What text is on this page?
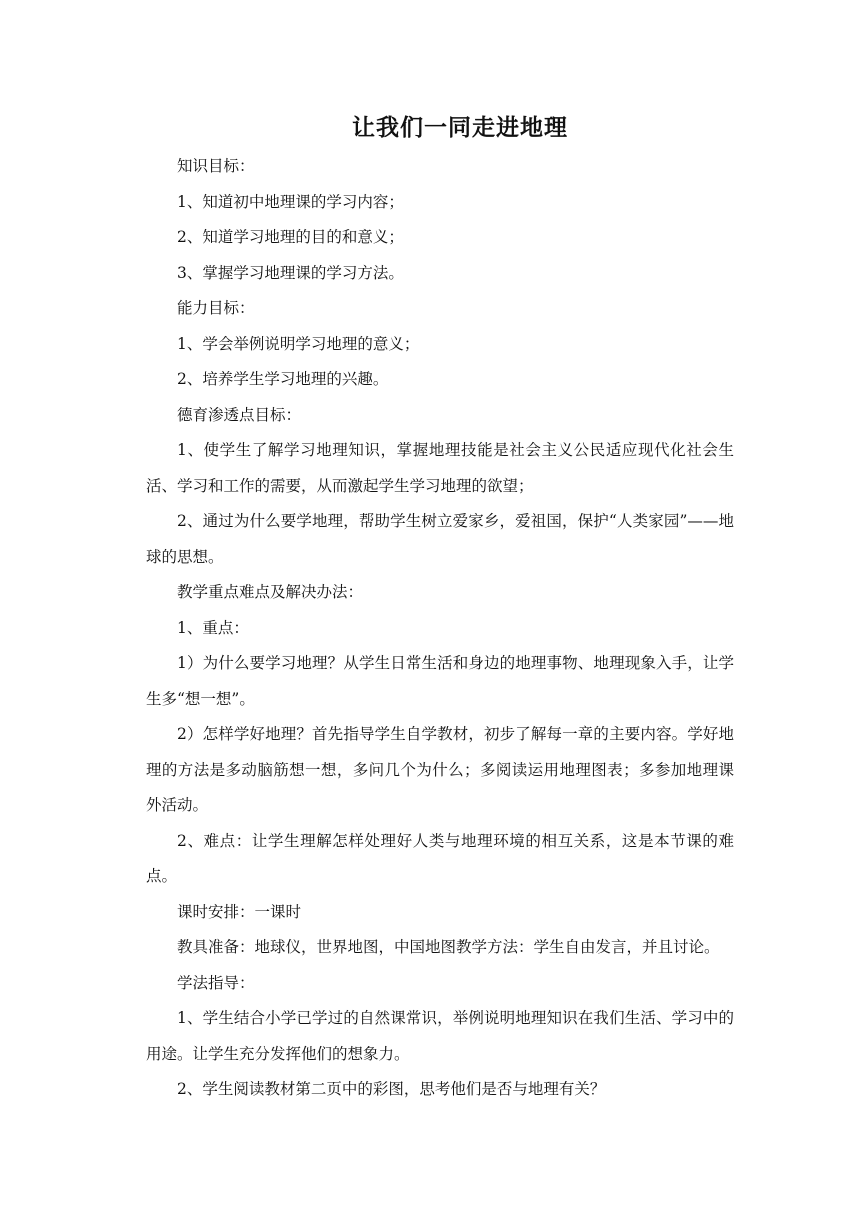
让我们一同走进地理

知识目标：

1、知道初中地理课的学习内容；

2、知道学习地理的目的和意义；

3、掌握学习地理课的学习方法。

能力目标：

1、学会举例说明学习地理的意义；

2、培养学生学习地理的兴趣。

德育渗透点目标：

1、使学生了解学习地理知识，掌握地理技能是社会主义公民适应现代化社会生活、学习和工作的需要，从而激起学生学习地理的欲望；

2、通过为什么要学地理，帮助学生树立爱家乡，爱祖国，保护“人类家园”——地球的思想。

教学重点难点及解决办法：

1、重点：

1）为什么要学习地理？从学生日常生活和身边的地理事物、地理现象入手，让学生多“想一想”。

2）怎样学好地理？首先指导学生自学教材，初步了解每一章的主要内容。学好地理的方法是多动脑筋想一想，多问几个为什么；多阅读运用地理图表；多参加地理课外活动。

2、难点：让学生理解怎样处理好人类与地理环境的相互关系，这是本节课的难点。

课时安排：一课时

教具准备：地球仪，世界地图，中国地图教学方法：学生自由发言，并且讨论。

学法指导：

1、学生结合小学已学过的自然课常识，举例说明地理知识在我们生活、学习中的用途。让学生充分发挥他们的想象力。

2、学生阅读教材第二页中的彩图，思考他们是否与地理有关？
